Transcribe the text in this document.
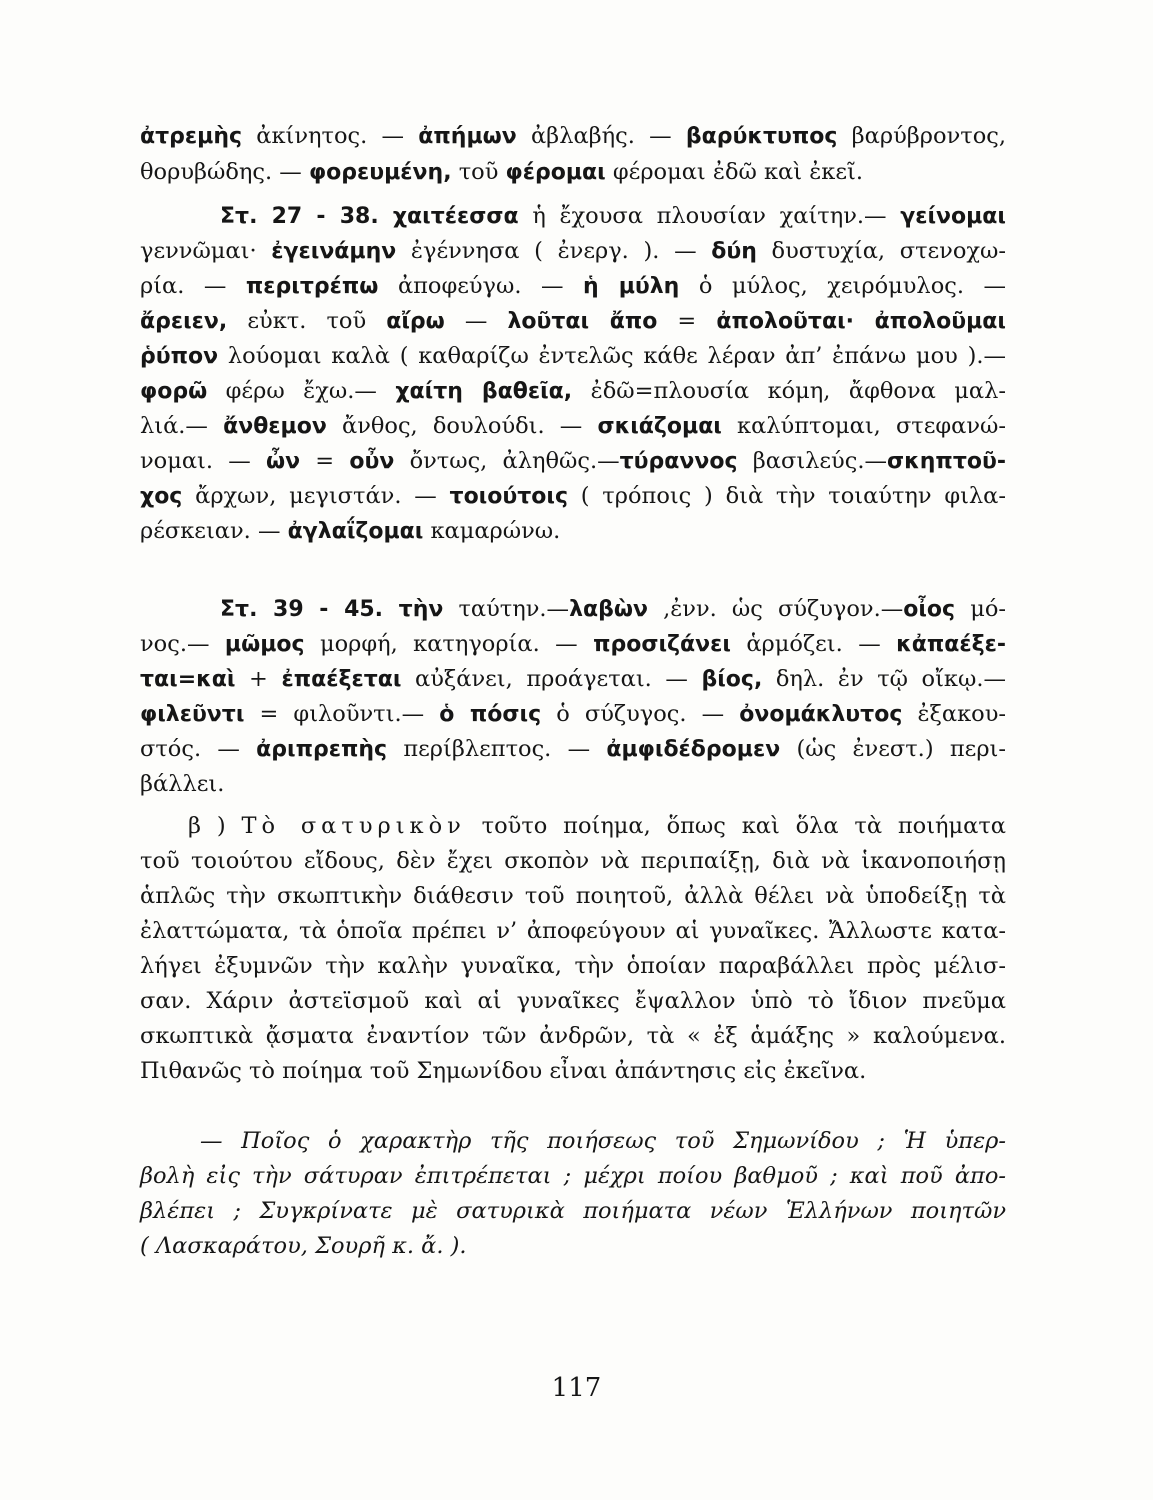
ἀτρεμὴς ἀκίνητος. — ἀπήμων ἀβλαβής. — βαρύκτυπος βαρύβροντος,
θορυβώδης. — φορευμένη, τοῦ φέρομαι φέρομαι ἐδῶ καὶ ἐκεῖ.
Στ. 27 - 38. χαιτέεσσα ἡ ἔχουσα πλουσίαν χαίτην.— γείνομαι
γεννῶμαι· ἐγεινάμην ἐγέννησα ( ἐνεργ. ). — δύη δυστυχία, στενοχω-
ρία. — περιτρέπω ἀποφεύγω. — ἡ μύλη ὁ μύλος, χειρόμυλος. —
ἄρειεν, εὐκτ. τοῦ αἴρω — λοῦται ἄπο = ἀπολοῦται· ἀπολοῦμαι
ῥύπον λούομαι καλὰ ( καθαρίζω ἐντελῶς κάθε λέραν ἀπ’ ἐπάνω μου ).—
φορῶ φέρω ἔχω.— χαίτη βαθεῖα, ἐδῶ=πλουσία κόμη, ἄφθονα μαλ-
λιά.— ἄνθεμον ἄνθος, δουλούδι. — σκιάζομαι καλύπτομαι, στεφανώ-
νομαι. — ὦν = οὖν ὄντως, ἀληθῶς.—τύραννος βασιλεύς.—σκηπτοῦ-
χος ἄρχων, μεγιστάν. — τοιούτοις ( τρόποις ) διὰ τὴν τοιαύτην φιλα-
ρέσκειαν. — ἀγλαΐζομαι καμαρώνω.
Στ. 39 - 45. τὴν ταύτην.—λαβὼν ,ἐνν. ὡς σύζυγον.—οἶος μό-
νος.— μῶμος μορφή, κατηγορία. — προσιζάνει ἁρμόζει. — κἀπαέξε-
ται=καὶ + ἐπαέξεται αὐξάνει, προάγεται. — βίος, δηλ. ἐν τῷ οἴκῳ.—
φιλεῦντι = φιλοῦντι.— ὁ πόσις ὁ σύζυγος. — ὀνομάκλυτος ἐξακου-
στός. — ἀριπρεπὴς περίβλεπτος. — ἀμφιδέδρομεν (ὡς ἐνεστ.) περι-
βάλλει.
β ) Τὸ σατυρικὸν τοῦτο ποίημα, ὅπως καὶ ὅλα τὰ ποιήματα
τοῦ τοιούτου εἴδους, δὲν ἔχει σκοπὸν νὰ περιπαίξῃ, διὰ νὰ ἱκανοποιήσῃ
ἁπλῶς τὴν σκωπτικὴν διάθεσιν τοῦ ποιητοῦ, ἀλλὰ θέλει νὰ ὑποδείξῃ τὰ
ἐλαττώματα, τὰ ὁποῖα πρέπει ν’ ἀποφεύγουν αἱ γυναῖκες. Ἄλλωστε κατα-
λήγει ἐξυμνῶν τὴν καλὴν γυναῖκα, τὴν ὁποίαν παραβάλλει πρὸς μέλισ-
σαν. Χάριν ἀστεϊσμοῦ καὶ αἱ γυναῖκες ἔψαλλον ὑπὸ τὸ ἴδιον πνεῦμα
σκωπτικὰ ᾄσματα ἐναντίον τῶν ἀνδρῶν, τὰ « ἐξ ἁμάξης » καλούμενα.
Πιθανῶς τὸ ποίημα τοῦ Σημωνίδου εἶναι ἀπάντησις εἰς ἐκεῖνα.
— Ποῖος ὁ χαρακτὴρ τῆς ποιήσεως τοῦ Σημωνίδου ; Ἡ ὑπερ-
βολὴ εἰς τὴν σάτυραν ἐπιτρέπεται ; μέχρι ποίου βαθμοῦ ; καὶ ποῦ ἀπο-
βλέπει ; Συγκρίνατε μὲ σατυρικὰ ποιήματα νέων Ἑλλήνων ποιητῶν
( Λασκαράτου, Σουρῆ κ. ἄ. ).
117
